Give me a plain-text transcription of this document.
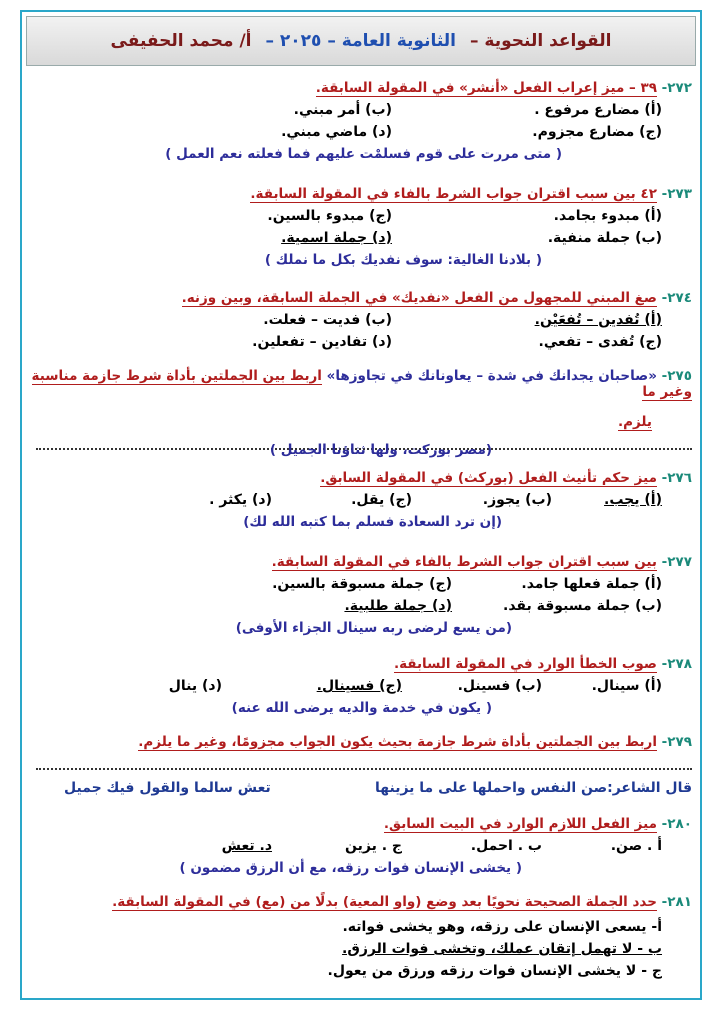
القواعد النحوية –
الثانوية العامة – ٢٠٢٥ –
أ/ محمد الحفيفى
٢٧٢- ٣٩ – ميز إعراب الفعل «أنشر» في المقولة السابقة.
(أ) مضارع مرفوع .
(ب) أمر مبني.
(ج) مضارع مجزوم.
(د) ماضي مبني.
( متى مررت على قوم فسلمْت عليهم فما فعلته نعم العمل )
٢٧٣- ٤٢ بين سبب اقتران جواب الشرط بالفاء في المقولة السابقة.
(أ) مبدوء بجامد.
(ج) مبدوء بالسين.
(ب) جملة منفية.
(د) جملة اسمية.
( بلادنا الغالية: سوف نفديك بكل ما نملك )
٢٧٤- صغ المبني للمجهول من الفعل «نفديك» في الجملة السابقة، وبين وزنه.
(أ) تُفدين – تُفعَيْن.
(ب) فديت – فعلت.
(ج) تُفدى – تفعي.
(د) تفادين – تفعلين.
٢٧٥- «صاحبان يجدانك في شدة – يعاونانك في تجاوزها» اربط بين الجملتين بأداة شرط جازمة مناسبة وغير ما
يلزم.
(مصر بوركت، ولها ثناؤنا الجميل )
٢٧٦- ميز حكم تأنيث الفعل (بوركث) في المقولة السابق.
(أ) يجب.
(ب) يجوز.
(ج) يقل.
(د) يكثر .
(إن ترد السعادة فسلم بما كتبه الله لك)
٢٧٧- بين سبب اقتران جواب الشرط بالفاء في المقولة السابقة.
(أ) جملة فعلها جامد.
(ج) جملة مسبوقة بالسين.
(ب) جملة مسبوقة بقد.
(د) جملة طلبية.
(من يسع لرضى ربه سينال الجزاء الأوفى)
٢٧٨- صوب الخطأ الوارد في المقولة السابقة.
(أ) سينال.
(ب) فسينل.
(ج) فسينال.
(د) ينال
( يكون في خدمة والديه يرضى الله عنه)
٢٧٩- اربط بين الجملتين بأداة شرط جازمة بحيث يكون الجواب مجزومًا، وغير ما يلزم.
قال الشاعر:صن النفس واحملها على ما يزينها
تعش سالما والقول فيك جميل
٢٨٠- ميز الفعل اللازم الوارد في البيت السابق.
أ . صن.
ب . احمل.
ج . يزين
د. تعش
( يخشى الإنسان فوات رزقه، مع أن الرزق مضمون )
٢٨١- حدد الجملة الصحيحة نحويًا بعد وضع (واو المعية) بدلًا من (مع) في المقولة السابقة.
أ- يسعى الإنسان على رزقه، وهو يخشى فواته.
ب - لا تهمل إتقان عملك، وتخشى فوات الرزق.
ج - لا يخشى الإنسان فوات رزقه ورزق من يعول.
